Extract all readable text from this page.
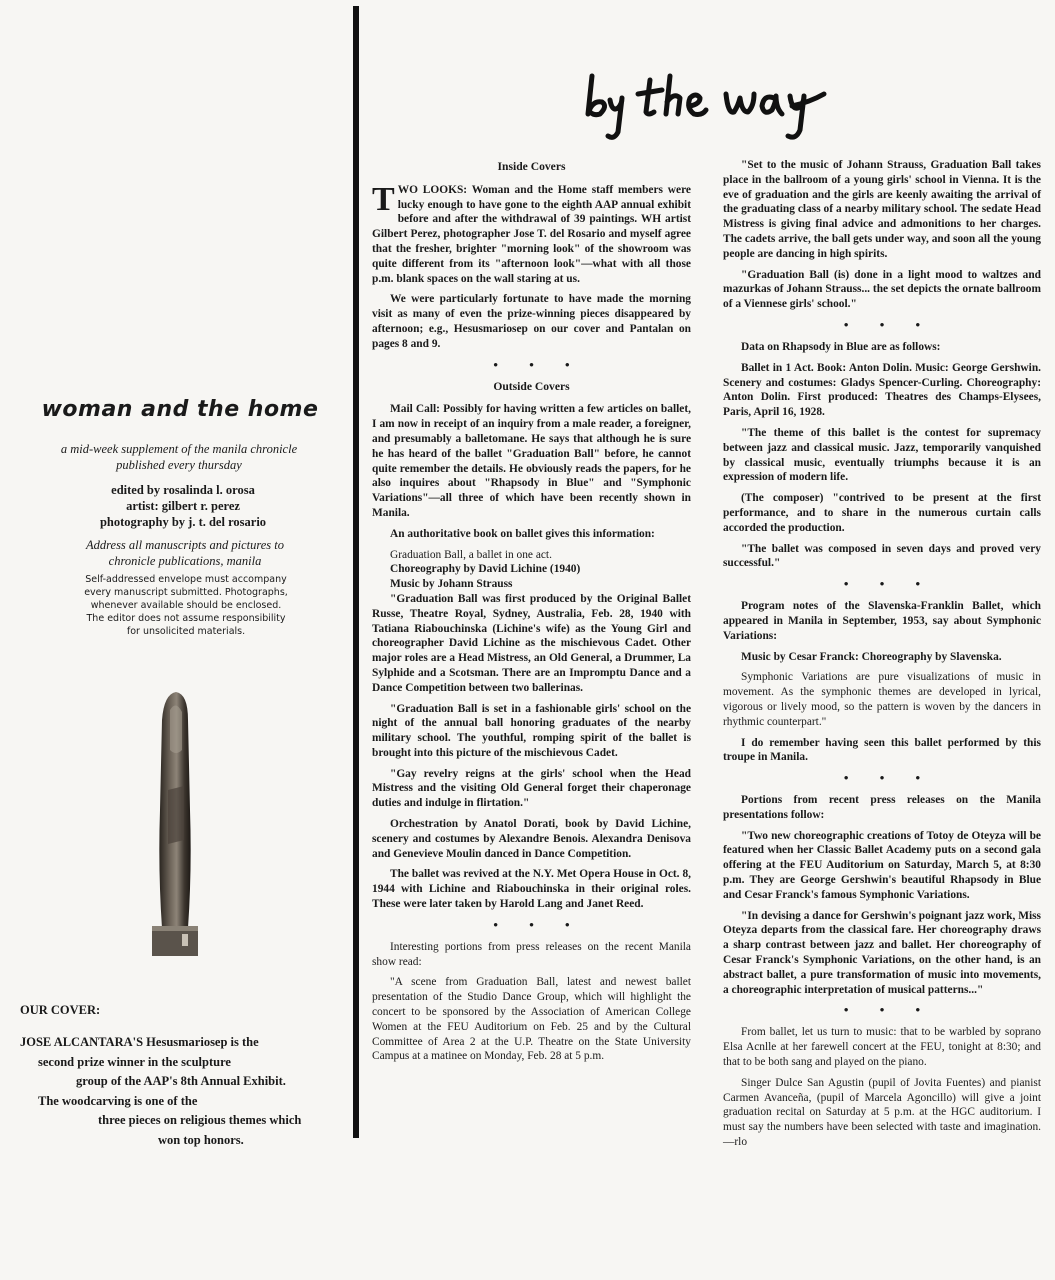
woman and the home
a mid-week supplement of the manila chronicle
published every thursday
edited by rosalinda l. orosa
artist: gilbert r. perez
photography by j. t. del rosario
Address all manuscripts and pictures to
chronicle publications, manila
Self-addressed envelope must accompany
every manuscript submitted. Photographs,
whenever available should be enclosed.
The editor does not assume responsibility
for unsolicited materials.
OUR COVER:
JOSE ALCANTARA'S Hesusmariosep is the
second prize winner in the sculpture
group of the AAP's 8th Annual Exhibit.
The woodcarving is one of the
three pieces on religious themes which
won top honors.
Inside Covers

TWO LOOKS: Woman and the Home staff members were lucky enough to have gone to the eighth AAP annual exhibit before and after the withdrawal of 39 paintings. WH artist Gilbert Perez, photographer Jose T. del Rosario and myself agree that the fresher, brighter "morning look" of the showroom was quite different from its "afternoon look"—what with all those p.m. blank spaces on the wall staring at us.

We were particularly fortunate to have made the morning visit as many of even the prize-winning pieces disappeared by afternoon; e.g., Hesusmariosep on our cover and Pantalan on pages 8 and 9.

• • •
Outside Covers

Mail Call: Possibly for having written a few articles on ballet, I am now in receipt of an inquiry from a male reader, a foreigner, and presumably a balletomane. He says that although he is sure he has heard of the ballet "Graduation Ball" before, he cannot quite remember the details. He obviously reads the papers, for he also inquires about "Rhapsody in Blue" and "Symphonic Variations"—all three of which have been recently shown in Manila.

An authoritative book on ballet gives this information:

Graduation Ball, a ballet in one act.

Choreography by David Lichine (1940)

Music by Johann Strauss

"Graduation Ball was first produced by the Original Ballet Russe, Theatre Royal, Sydney, Australia, Feb. 28, 1940 with Tatiana Riabouchinska (Lichine's wife) as the Young Girl and choreographer David Lichine as the mischievous Cadet. Other major roles are a Head Mistress, an Old General, a Drummer, La Sylphide and a Scotsman. There are an Impromptu Dance and a Dance Competition between two ballerinas.

"Graduation Ball is set in a fashionable girls' school on the night of the annual ball honoring graduates of the nearby military school. The youthful, romping spirit of the ballet is brought into this picture of the mischievous Cadet.

"Gay revelry reigns at the girls' school when the Head Mistress and the visiting Old General forget their chaperonage duties and indulge in flirtation."

Orchestration by Anatol Dorati, book by David Lichine, scenery and costumes by Alexandre Benois. Alexandra Denisova and Genevieve Moulin danced in Dance Competition.

The ballet was revived at the N.Y. Met Opera House in Oct. 8, 1944 with Lichine and Riabouchinska in their original roles. These were later taken by Harold Lang and Janet Reed.

• • •

Interesting portions from press releases on the recent Manila show read:

"A scene from Graduation Ball, latest and newest ballet presentation of the Studio Dance Group, which will highlight the concert to be sponsored by the Association of American College Women at the FEU Auditorium on Feb. 25 and by the Cultural Committee of Area 2 at the U.P. Theatre on the State University Campus at a matinee on Monday, Feb. 28 at 5 p.m.

"Set to the music of Johann Strauss, Graduation Ball takes place in the ballroom of a young girls' school in Vienna. It is the eve of graduation and the girls are keenly awaiting the arrival of the graduating class of a nearby military school. The sedate Head Mistress is giving final advice and admonitions to her charges. The cadets arrive, the ball gets under way, and soon all the young people are dancing in high spirits.

"Graduation Ball (is) done in a light mood to waltzes and mazurkas of Johann Strauss... the set depicts the ornate ballroom of a Viennese girls' school."

• • •

Data on Rhapsody in Blue are as follows:

Ballet in 1 Act. Book: Anton Dolin. Music: George Gershwin. Scenery and costumes: Gladys Spencer-Curling. Choreography: Anton Dolin. First produced: Theatres des Champs-Elysees, Paris, April 16, 1928.

"The theme of this ballet is the contest for supremacy between jazz and classical music. Jazz, temporarily vanquished by classical music, eventually triumphs because it is an expression of modern life.

(The composer) "contrived to be present at the first performance, and to share in the numerous curtain calls accorded the production.

"The ballet was composed in seven days and proved very successful."

• • •

Program notes of the Slavenska-Franklin Ballet, which appeared in Manila in September, 1953, say about Symphonic Variations:

Music by Cesar Franck: Choreography by Slavenska.

Symphonic Variations are pure visualizations of music in movement. As the symphonic themes are developed in lyrical, vigorous or lively mood, so the pattern is woven by the dancers in rhythmic counterpart."

I do remember having seen this ballet performed by this troupe in Manila.

• • •

Portions from recent press releases on the Manila presentations follow:

"Two new choreographic creations of Totoy de Oteyza will be featured when her Classic Ballet Academy puts on a second gala offering at the FEU Auditorium on Saturday, March 5, at 8:30 p.m. They are George Gershwin's beautiful Rhapsody in Blue and Cesar Franck's famous Symphonic Variations.

"In devising a dance for Gershwin's poignant jazz work, Miss Oteyza departs from the classical fare. Her choreography draws a sharp contrast between jazz and ballet. Her choreography of Cesar Franck's Symphonic Variations, on the other hand, is an abstract ballet, a pure transformation of music into movements, a choreographic interpretation of musical patterns..."

• • •

From ballet, let us turn to music: that to be warbled by soprano Elsa Acnlle at her farewell concert at the FEU, tonight at 8:30; and that to be both sang and played on the piano.

Singer Dulce San Agustin (pupil of Jovita Fuentes) and pianist Carmen Avanceña, (pupil of Marcela Agoncillo) will give a joint graduation recital on Saturday at 5 p.m. at the HGC auditorium. I must say the numbers have been selected with taste and imagination.—rlo
